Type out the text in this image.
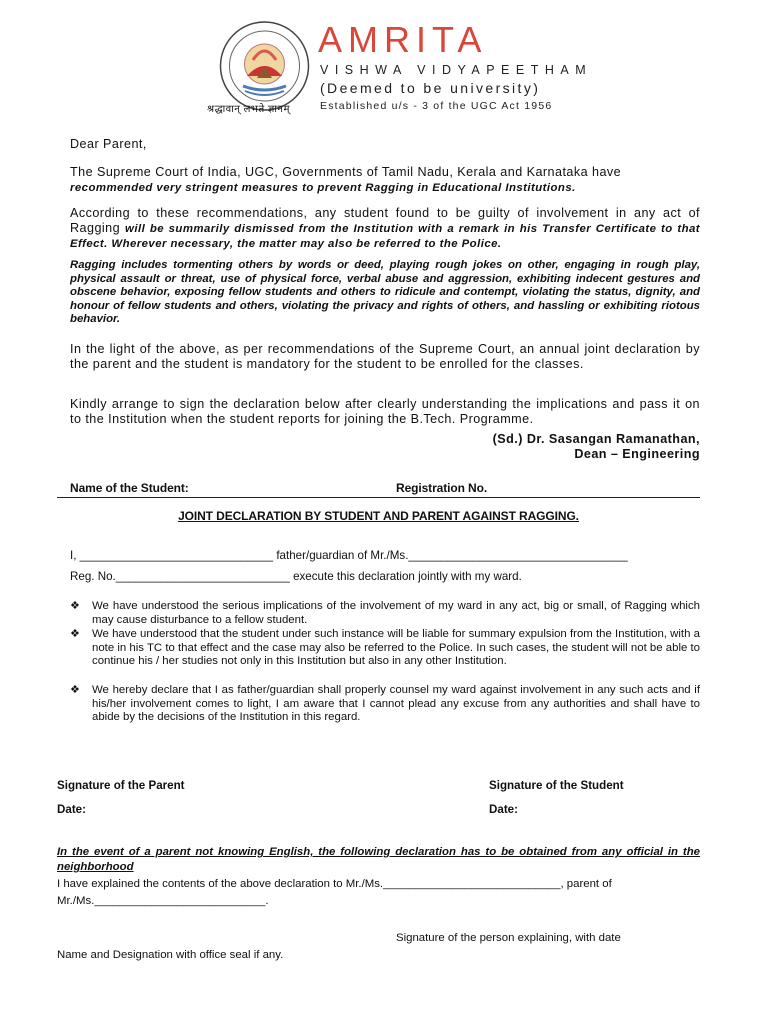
श्रद्धावान् लभते ज्ञानम्
AMRITA
VISHWA VIDYAPEETHAM
(Deemed to be university)
Established u/s - 3 of the UGC Act 1956
Dear Parent,
The Supreme Court of India, UGC, Governments of Tamil Nadu, Kerala and Karnataka have
recommended very stringent measures to prevent Ragging in Educational Institutions.
According to these recommendations, any student found to be guilty of involvement in any act of Ragging will be summarily dismissed from the Institution with a remark in his Transfer Certificate to that Effect. Wherever necessary, the matter may also be referred to the Police.
Ragging includes tormenting others by words or deed, playing rough jokes on other, engaging in rough play, physical assault or threat, use of physical force, verbal abuse and aggression, exhibiting indecent gestures and obscene behavior, exposing fellow students and others to ridicule and contempt, violating the status, dignity, and honour of fellow students and others, violating the privacy and rights of others, and hassling or exhibiting riotous behavior.
In the light of the above, as per recommendations of the Supreme Court, an annual joint declaration by the parent and the student is mandatory for the student to be enrolled for the classes.
Kindly arrange to sign the declaration below after clearly understanding the implications and pass it on to the Institution when the student reports for joining the B.Tech. Programme.
(Sd.) Dr. Sasangan Ramanathan,
Dean – Engineering
Name of the Student:	Registration No.
JOINT DECLARATION BY STUDENT AND PARENT AGAINST RAGGING.
I, ______________________________ father/guardian of Mr./Ms.__________________________________
Reg. No.___________________________ execute this declaration jointly with my ward.
❖ We have understood the serious implications of the involvement of my ward in any act, big or small, of Ragging which may cause disturbance to a fellow student.
❖ We have understood that the student under such instance will be liable for summary expulsion from the Institution, with a note in his TC to that effect and the case may also be referred to the Police. In such cases, the student will not be able to continue his / her studies not only in this Institution but also in any other Institution.
❖ We hereby declare that I as father/guardian shall properly counsel my ward against involvement in any such acts and if his/her involvement comes to light, I am aware that I cannot plead any excuse from any authorities and shall have to abide by the decisions of the Institution in this regard.
Signature of the Parent	Signature of the Student
Date:	Date:
In the event of a parent not knowing English, the following declaration has to be obtained from any official in the neighborhood
I have explained the contents of the above declaration to Mr./Ms.____________________________, parent of
Mr./Ms.___________________________.
Signature of the person explaining, with date
Name and Designation with office seal if any.
